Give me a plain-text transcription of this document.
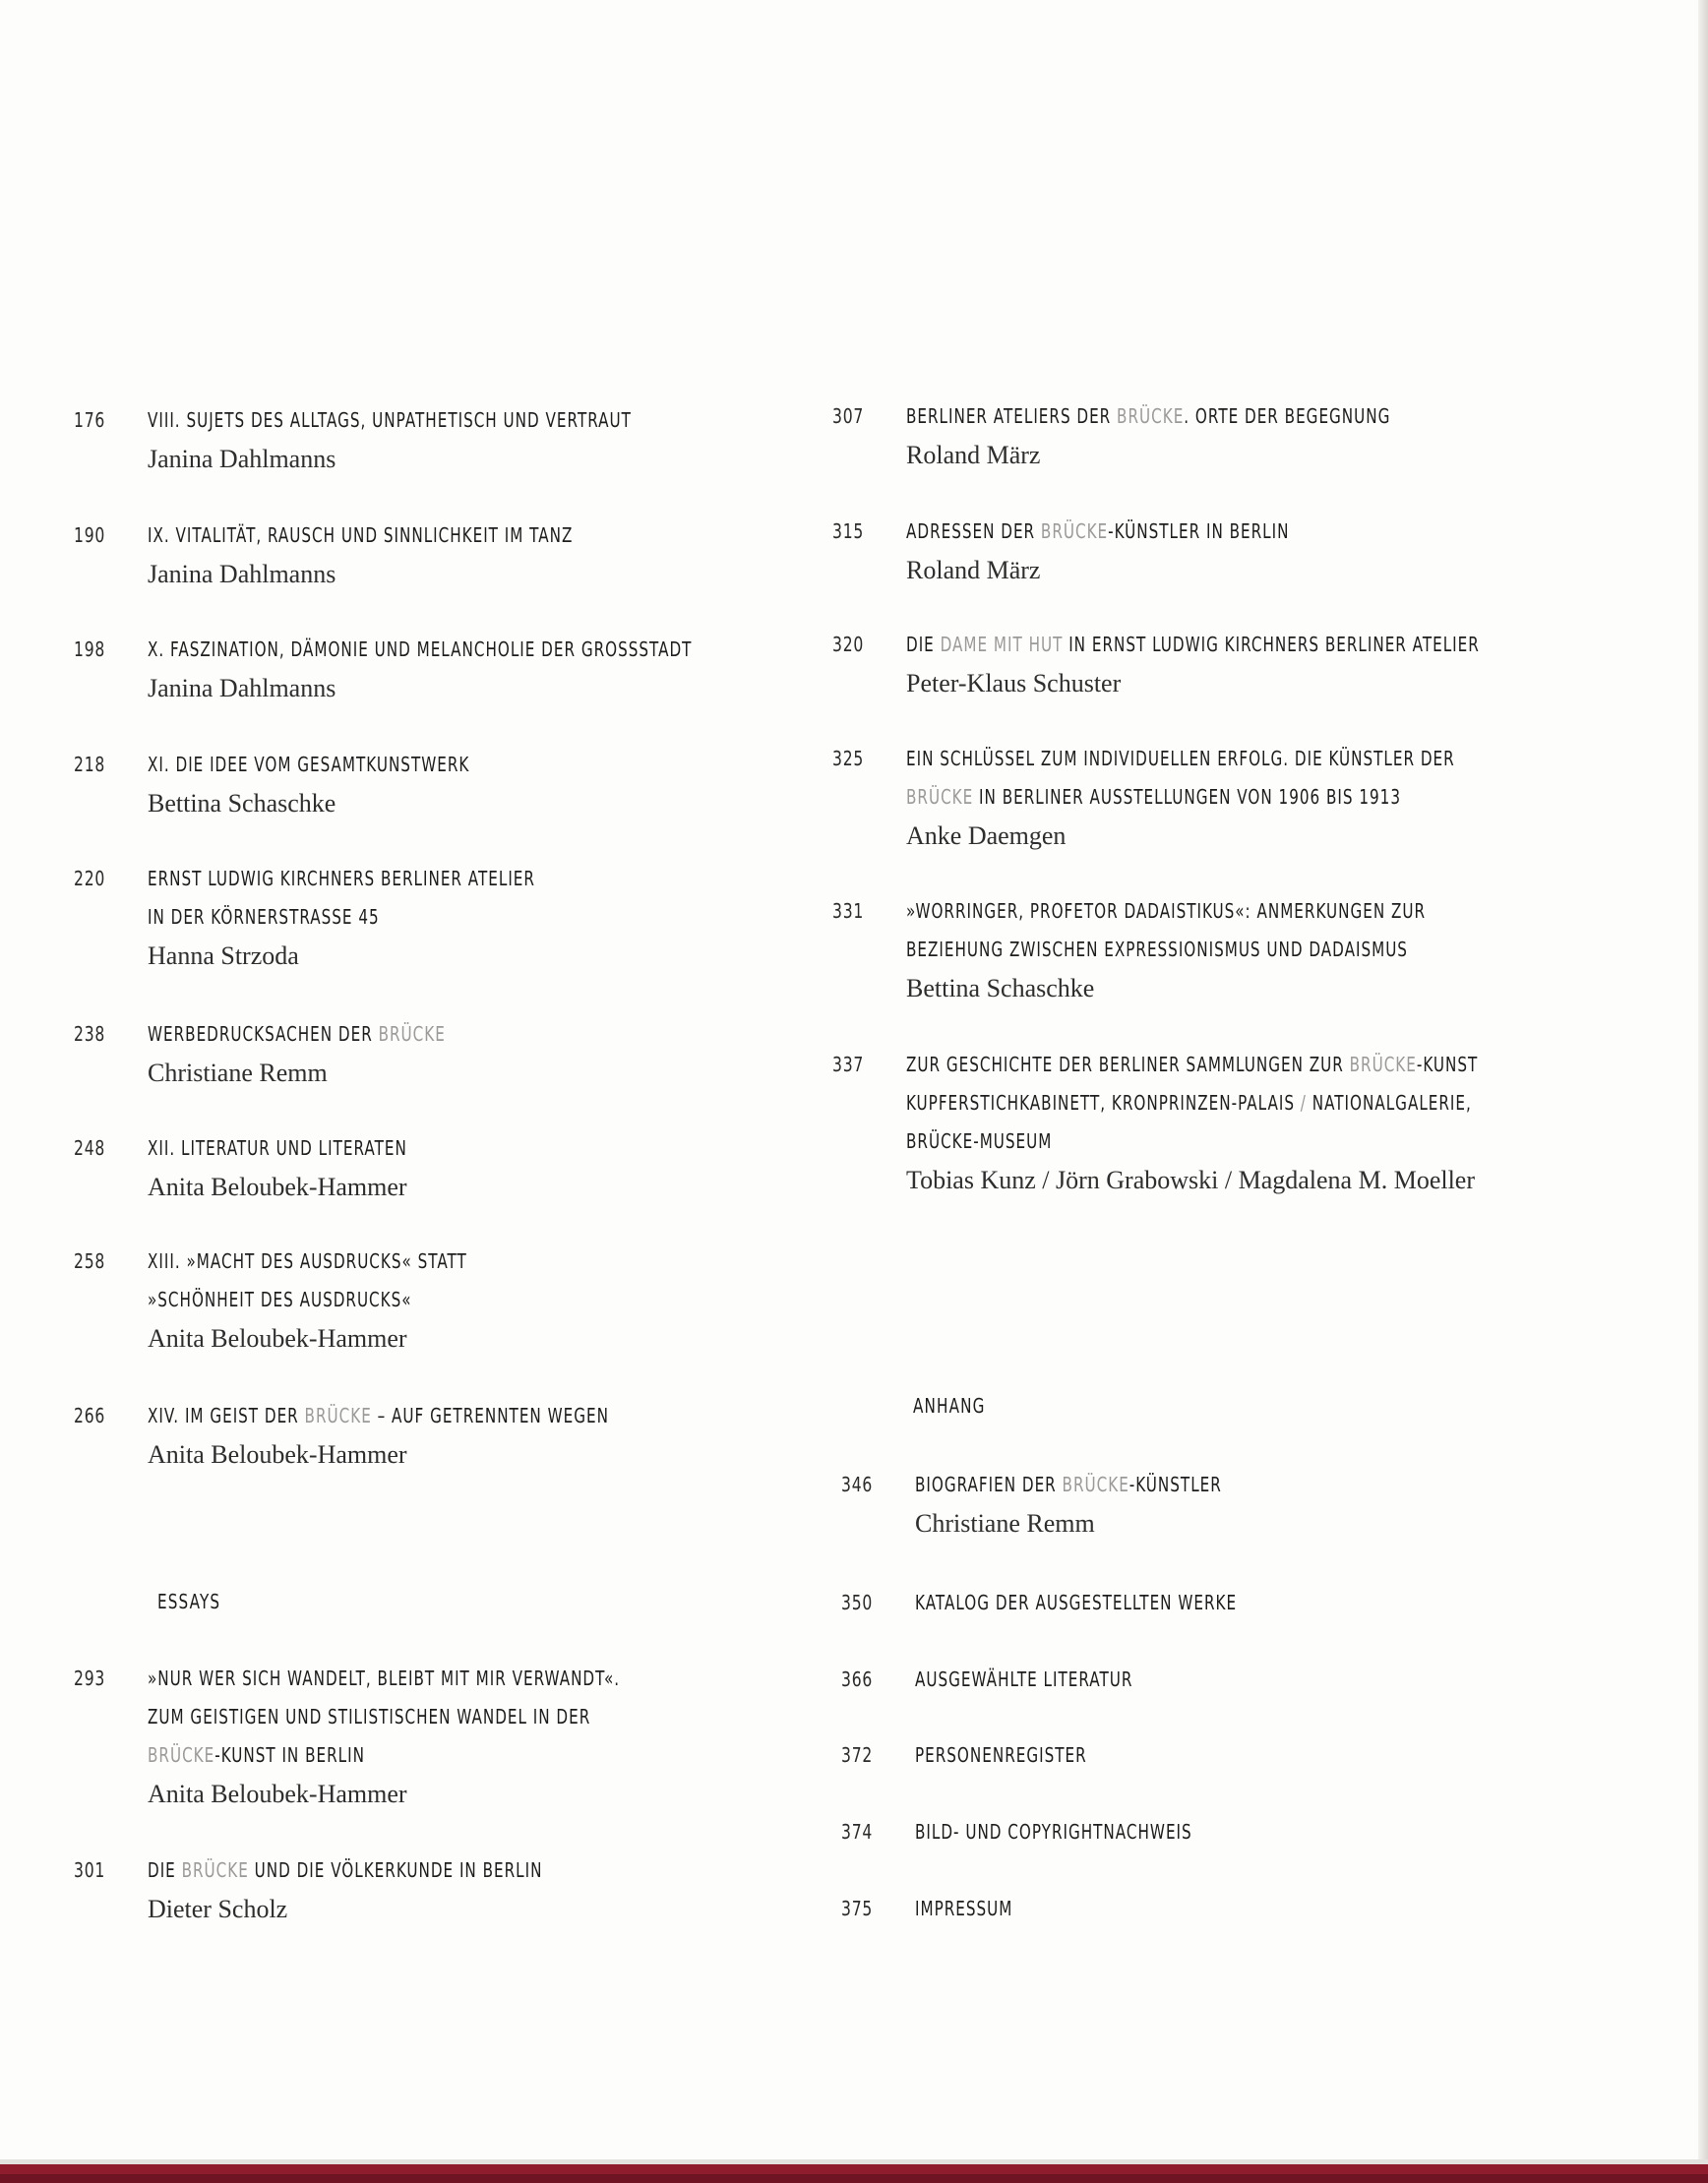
ESSAYS
ANHANG
176	VIII. SUJETS DES ALLTAGS, UNPATHETISCH UND VERTRAUT
Janina Dahlmanns
190	IX. VITALITÄT, RAUSCH UND SINNLICHKEIT IM TANZ
Janina Dahlmanns
198	X. FASZINATION, DÄMONIE UND MELANCHOLIE DER GROSSSTADT
Janina Dahlmanns
218	XI. DIE IDEE VOM GESAMTKUNSTWERK
Bettina Schaschke
220	ERNST LUDWIG KIRCHNERS BERLINER ATELIER
IN DER KÖRNERSTRASSE 45
Hanna Strzoda
238	WERBEDRUCKSACHEN DER BRÜCKE
Christiane Remm
248	XII. LITERATUR UND LITERATEN
Anita Beloubek-Hammer
258	XIII. »MACHT DES AUSDRUCKS« STATT
»SCHÖNHEIT DES AUSDRUCKS«
Anita Beloubek-Hammer
266	XIV. IM GEIST DER BRÜCKE – AUF GETRENNTEN WEGEN
Anita Beloubek-Hammer
293	»NUR WER SICH WANDELT, BLEIBT MIT MIR VERWANDT«.
ZUM GEISTIGEN UND STILISTISCHEN WANDEL IN DER
BRÜCKE-KUNST IN BERLIN
Anita Beloubek-Hammer
301	DIE BRÜCKE UND DIE VÖLKERKUNDE IN BERLIN
Dieter Scholz
307	BERLINER ATELIERS DER BRÜCKE. ORTE DER BEGEGNUNG
Roland März
315	ADRESSEN DER BRÜCKE-KÜNSTLER IN BERLIN
Roland März
320	DIE DAME MIT HUT IN ERNST LUDWIG KIRCHNERS BERLINER ATELIER
Peter-Klaus Schuster
325	EIN SCHLÜSSEL ZUM INDIVIDUELLEN ERFOLG. DIE KÜNSTLER DER
BRÜCKE IN BERLINER AUSSTELLUNGEN VON 1906 BIS 1913
Anke Daemgen
331	»WORRINGER, PROFETOR DADAISTIKUS«: ANMERKUNGEN ZUR
BEZIEHUNG ZWISCHEN EXPRESSIONISMUS UND DADAISMUS
Bettina Schaschke
337	ZUR GESCHICHTE DER BERLINER SAMMLUNGEN ZUR BRÜCKE-KUNST
KUPFERSTICHKABINETT, KRONPRINZEN-PALAIS / NATIONALGALERIE,
BRÜCKE-MUSEUM
Tobias Kunz / Jörn Grabowski / Magdalena M. Moeller
346	BIOGRAFIEN DER BRÜCKE-KÜNSTLER
Christiane Remm
350	KATALOG DER AUSGESTELLTEN WERKE
366	AUSGEWÄHLTE LITERATUR
372	PERSONENREGISTER
374	BILD- UND COPYRIGHTNACHWEIS
375	IMPRESSUM
